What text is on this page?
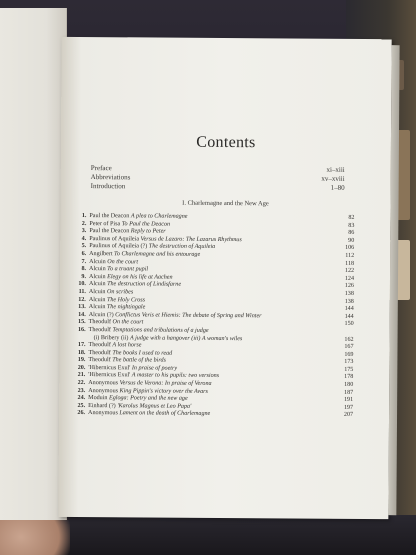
Contents
Preface	xi–xiii
Abbreviations	xv–xviii
Introduction	1–80
I. Charlemagne and the New Age
1. Paul the Deacon A plea to Charlemagne	82
2. Peter of Pisa To Paul the Deacon	83
3. Paul the Deacon Reply to Peter	86
4. Paulinus of Aquileia Versus de Lazaro: The Lazarus Rhythmus	90
5. Paulinus of Aquileia (?) The destruction of Aquileia	106
6. Angilbert To Charlemagne and his entourage	112
7. Alcuin On the court	118
8. Alcuin To a truant pupil	122
9. Alcuin Elegy on his life at Aachen	124
10. Alcuin The destruction of Lindisfarne	126
11. Alcuin On scribes	138
12. Alcuin The Holy Cross	138
13. Alcuin The nightingale	144
14. Alcuin (?) Conflictus Veris et Hiemis: The debate of Spring and Winter	144
15. Theodulf On the court	150
16. Theodulf Temptations and tribulations of a judge
(i) Bribery (ii) A judge with a hangover (iii) A woman's wiles	162
17. Theodulf A lost horse	167
18. Theodulf The books I used to read	169
19. Theodulf The battle of the birds	173
20. 'Hibernicus Exul' In praise of poetry	175
21. 'Hibernicus Exul' A master to his pupils: two versions	178
22. Anonymous Versus de Verona: In praise of Verona	180
23. Anonymous King Pippin's victory over the Avars	187
24. Moduin Egloga: Poetry and the new age	191
25. Einhard (?) 'Karolus Magnus et Leo Papa'	197
26. Anonymous Lament on the death of Charlemagne	207
